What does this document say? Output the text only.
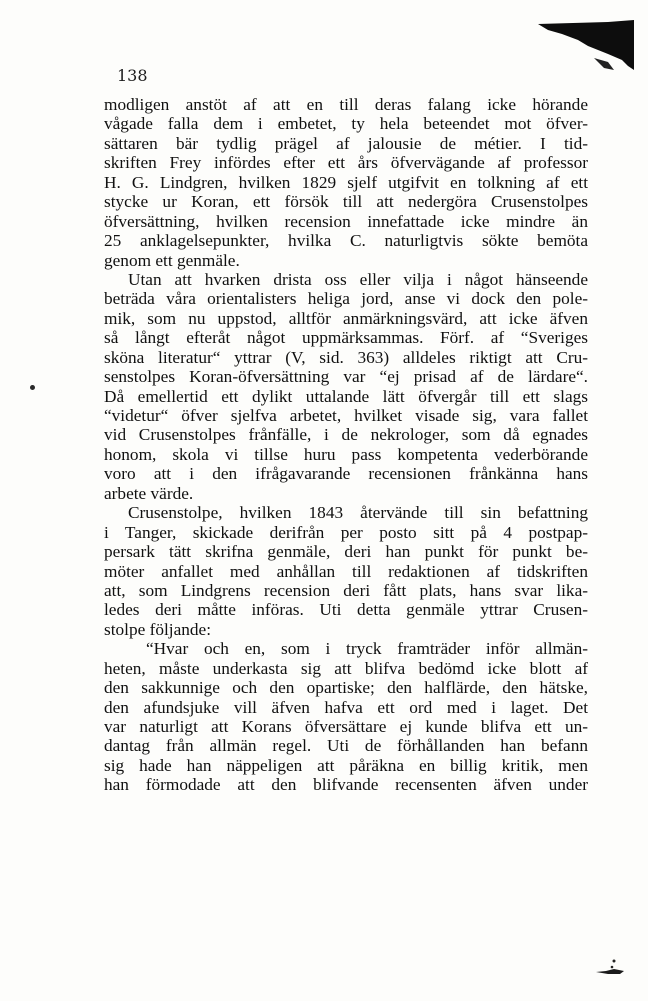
138
modligen anstöt af att en till deras falang icke hörande
vågade falla dem i embetet, ty hela beteendet mot öfver-
sättaren bär tydlig prägel af jalousie de métier. I tid-
skriften Frey infördes efter ett års öfvervägande af professor
H. G. Lindgren, hvilken 1829 sjelf utgifvit en tolkning af ett
stycke ur Koran, ett försök till att nedergöra Crusenstolpes
öfversättning, hvilken recension innefattade icke mindre än
25 anklagelsepunkter, hvilka C. naturligtvis sökte bemöta
genom ett genmäle.
Utan att hvarken drista oss eller vilja i något hänseende
beträda våra orientalisters heliga jord, anse vi dock den pole-
mik, som nu uppstod, alltför anmärkningsvärd, att icke äfven
så långt efteråt något uppmärksammas. Förf. af “Sveriges
sköna literatur“ yttrar (V, sid. 363) alldeles riktigt att Cru-
senstolpes Koran-öfversättning var “ej prisad af de lärdare“.
Då emellertid ett dylikt uttalande lätt öfvergår till ett slags
“videtur“ öfver sjelfva arbetet, hvilket visade sig, vara fallet
vid Crusenstolpes frånfälle, i de nekrologer, som då egnades
honom, skola vi tillse huru pass kompetenta vederbörande
voro att i den ifrågavarande recensionen frånkänna hans
arbete värde.
Crusenstolpe, hvilken 1843 återvände till sin befattning
i Tanger, skickade derifrån per posto sitt på 4 postpap-
persark tätt skrifna genmäle, deri han punkt för punkt be-
möter anfallet med anhållan till redaktionen af tidskriften
att, som Lindgrens recension deri fått plats, hans svar lika-
ledes deri måtte införas. Uti detta genmäle yttrar Crusen-
stolpe följande:
“Hvar och en, som i tryck framträder inför allmän-
heten, måste underkasta sig att blifva bedömd icke blott af
den sakkunnige och den opartiske; den halflärde, den hätske,
den afundsjuke vill äfven hafva ett ord med i laget. Det
var naturligt att Korans öfversättare ej kunde blifva ett un-
dantag från allmän regel. Uti de förhållanden han befann
sig hade han näppeligen att påräkna en billig kritik, men
han förmodade att den blifvande recensenten äfven under
